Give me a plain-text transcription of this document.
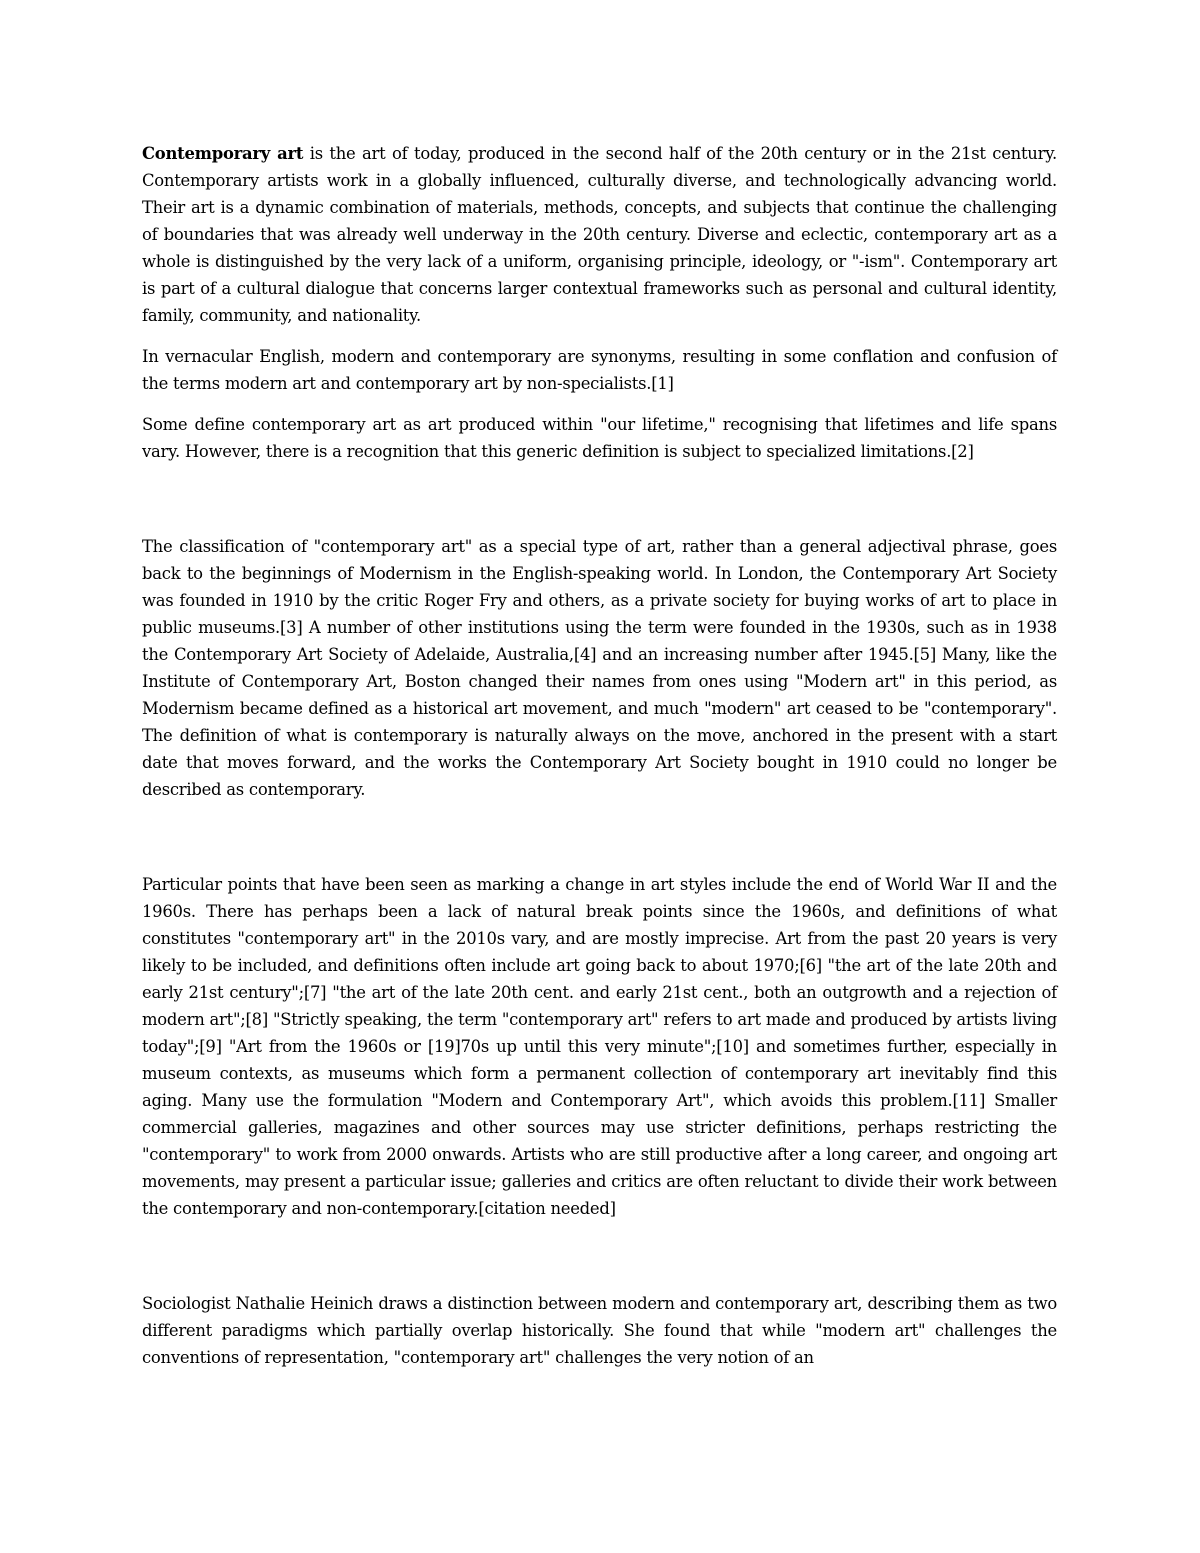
Contemporary art is the art of today, produced in the second half of the 20th century or in the 21st century. Contemporary artists work in a globally influenced, culturally diverse, and technologically advancing world. Their art is a dynamic combination of materials, methods, concepts, and subjects that continue the challenging of boundaries that was already well underway in the 20th century. Diverse and eclectic, contemporary art as a whole is distinguished by the very lack of a uniform, organising principle, ideology, or "-ism". Contemporary art is part of a cultural dialogue that concerns larger contextual frameworks such as personal and cultural identity, family, community, and nationality.

In vernacular English, modern and contemporary are synonyms, resulting in some conflation and confusion of the terms modern art and contemporary art by non-specialists.[1]

Some define contemporary art as art produced within "our lifetime," recognising that lifetimes and life spans vary. However, there is a recognition that this generic definition is subject to specialized limitations.[2]

The classification of "contemporary art" as a special type of art, rather than a general adjectival phrase, goes back to the beginnings of Modernism in the English-speaking world. In London, the Contemporary Art Society was founded in 1910 by the critic Roger Fry and others, as a private society for buying works of art to place in public museums.[3] A number of other institutions using the term were founded in the 1930s, such as in 1938 the Contemporary Art Society of Adelaide, Australia,[4] and an increasing number after 1945.[5] Many, like the Institute of Contemporary Art, Boston changed their names from ones using "Modern art" in this period, as Modernism became defined as a historical art movement, and much "modern" art ceased to be "contemporary". The definition of what is contemporary is naturally always on the move, anchored in the present with a start date that moves forward, and the works the Contemporary Art Society bought in 1910 could no longer be described as contemporary.

Particular points that have been seen as marking a change in art styles include the end of World War II and the 1960s. There has perhaps been a lack of natural break points since the 1960s, and definitions of what constitutes "contemporary art" in the 2010s vary, and are mostly imprecise. Art from the past 20 years is very likely to be included, and definitions often include art going back to about 1970;[6] "the art of the late 20th and early 21st century";[7] "the art of the late 20th cent. and early 21st cent., both an outgrowth and a rejection of modern art";[8] "Strictly speaking, the term "contemporary art" refers to art made and produced by artists living today";[9] "Art from the 1960s or [19]70s up until this very minute";[10] and sometimes further, especially in museum contexts, as museums which form a permanent collection of contemporary art inevitably find this aging. Many use the formulation "Modern and Contemporary Art", which avoids this problem.[11] Smaller commercial galleries, magazines and other sources may use stricter definitions, perhaps restricting the "contemporary" to work from 2000 onwards. Artists who are still productive after a long career, and ongoing art movements, may present a particular issue; galleries and critics are often reluctant to divide their work between the contemporary and non-contemporary.[citation needed]

Sociologist Nathalie Heinich draws a distinction between modern and contemporary art, describing them as two different paradigms which partially overlap historically. She found that while "modern art" challenges the conventions of representation, "contemporary art" challenges the very notion of an
